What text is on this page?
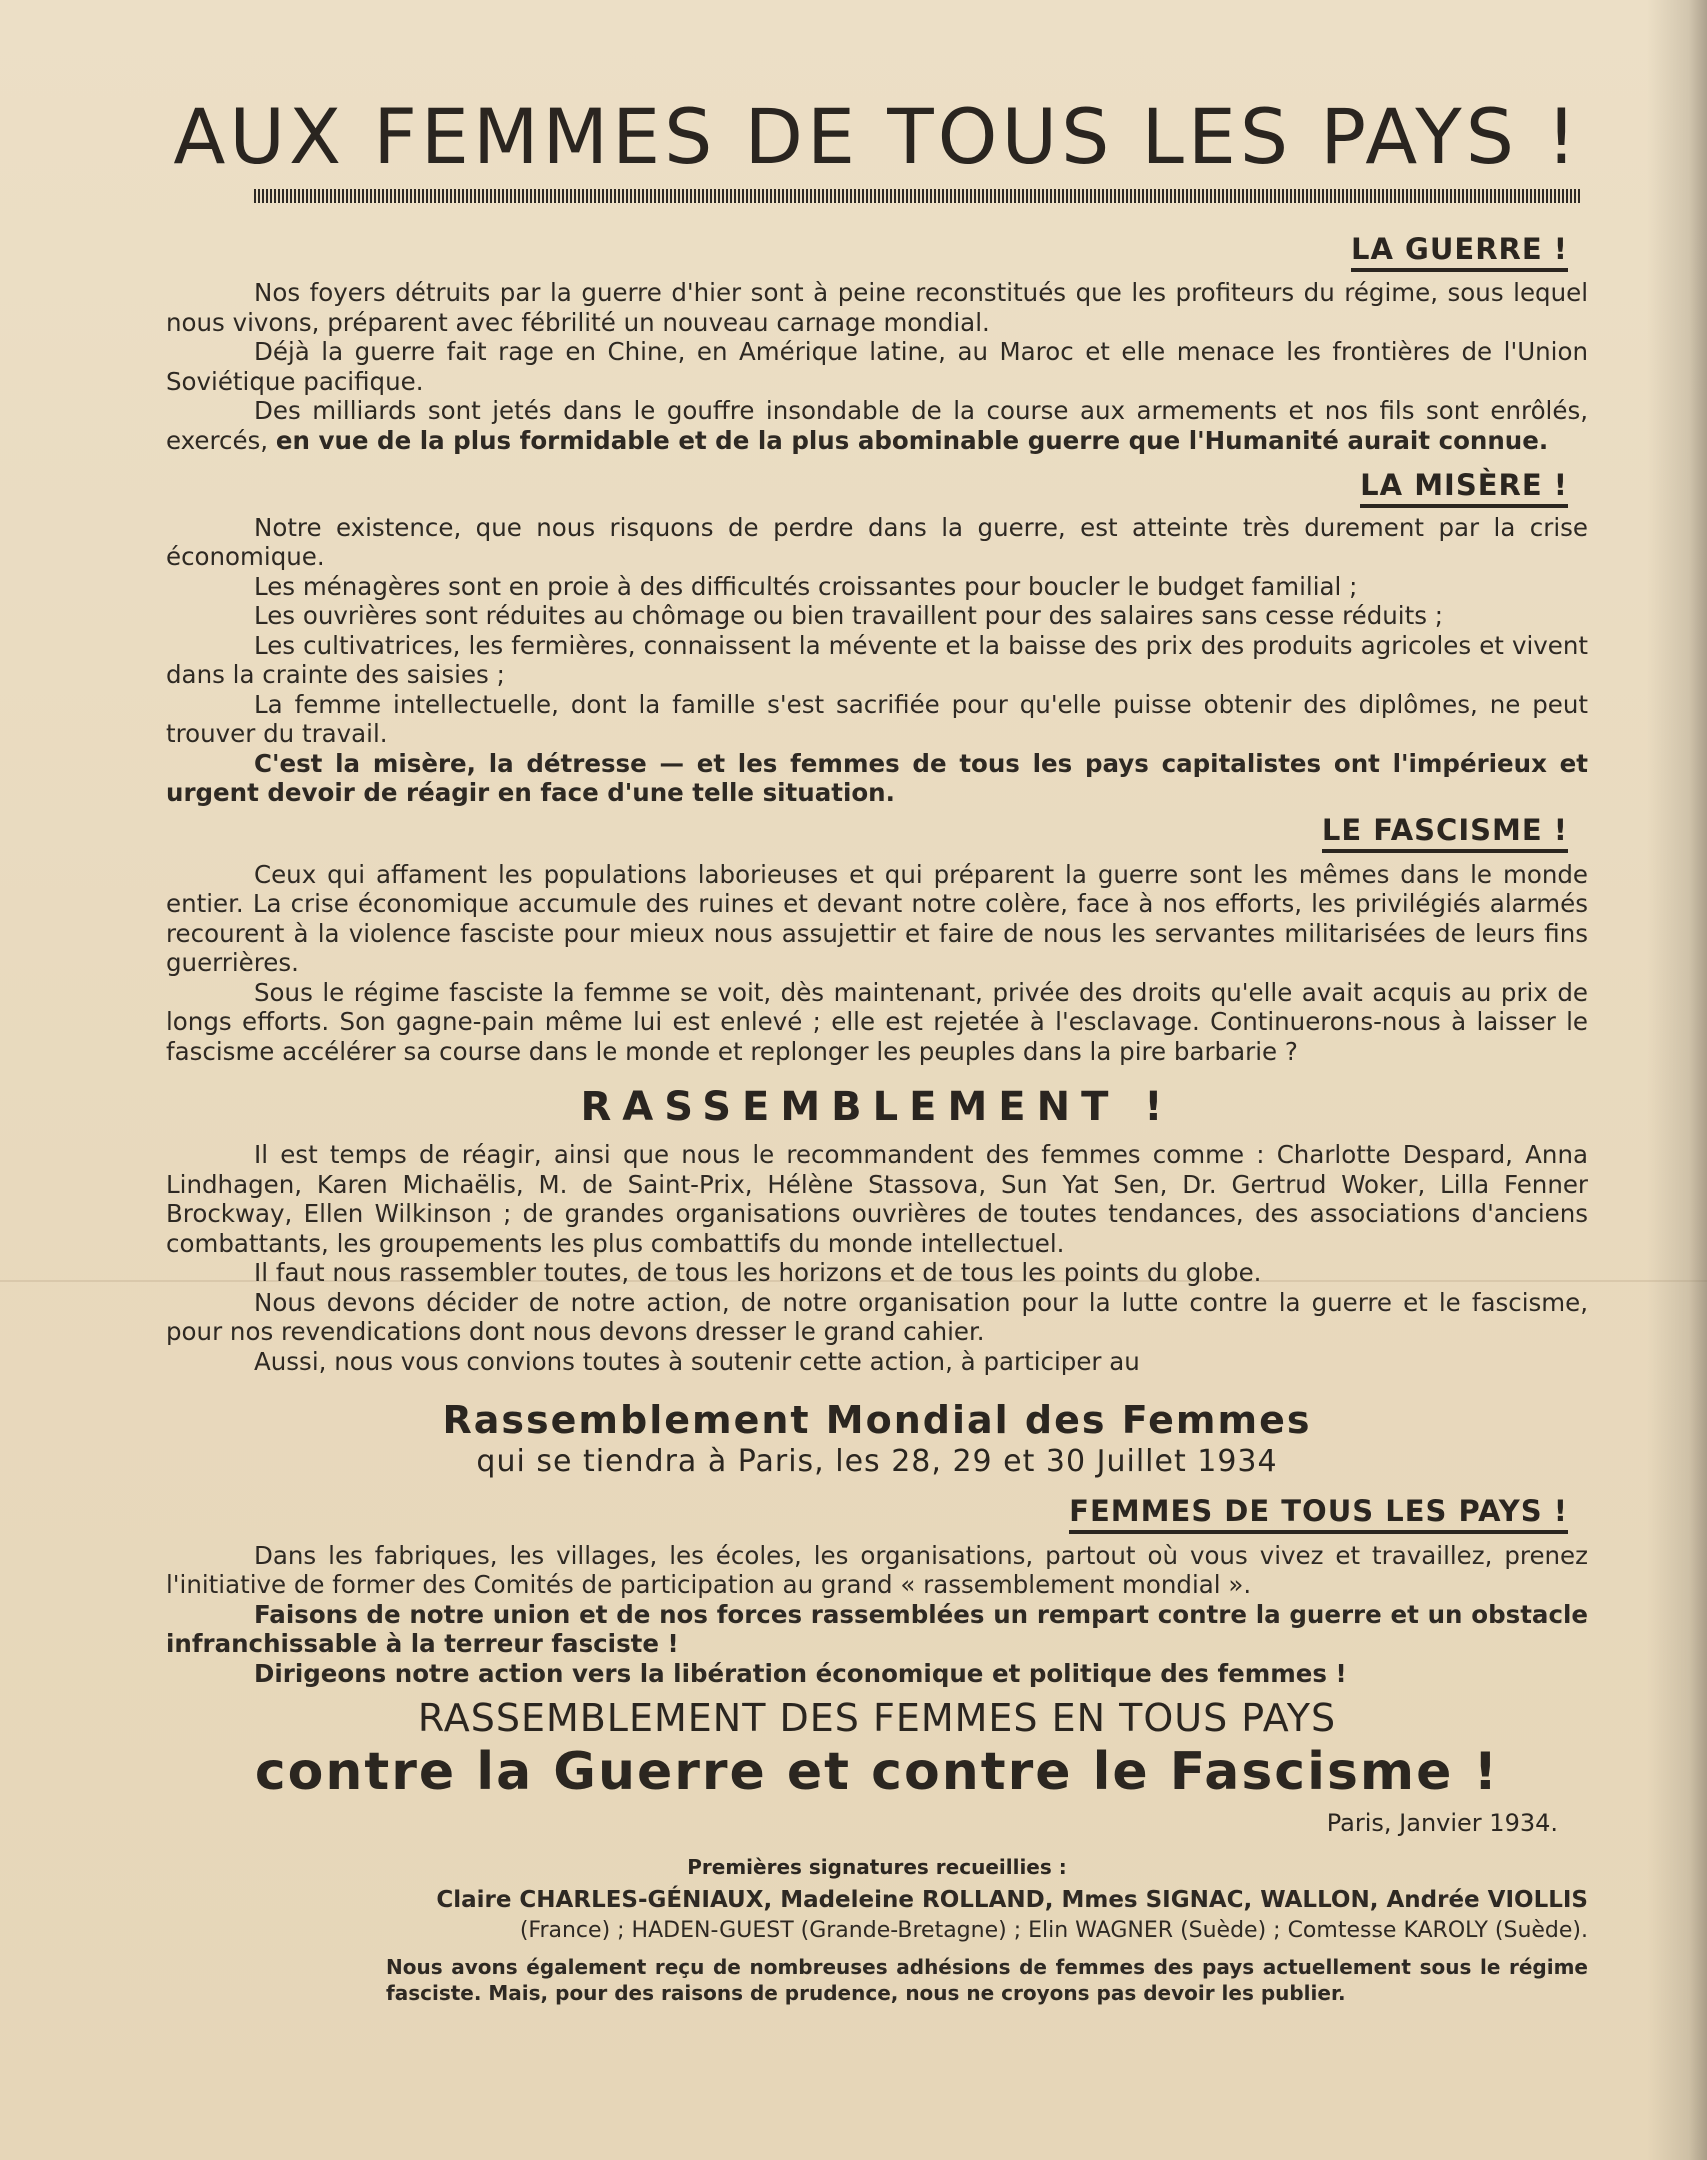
AUX FEMMES DE TOUS LES PAYS !
LA GUERRE !

Nos foyers détruits par la guerre d'hier sont à peine reconstitués que les profiteurs du régime, sous lequel nous vivons, préparent avec fébrilité un nouveau carnage mondial.

Déjà la guerre fait rage en Chine, en Amérique latine, au Maroc et elle menace les frontières de l'Union Soviétique pacifique.

Des milliards sont jetés dans le gouffre insondable de la course aux armements et nos fils sont enrôlés, exercés, en vue de la plus formidable et de la plus abominable guerre que l'Humanité aurait connue.

LA MISÈRE !

Notre existence, que nous risquons de perdre dans la guerre, est atteinte très durement par la crise économique.

Les ménagères sont en proie à des difficultés croissantes pour boucler le budget familial ;

Les ouvrières sont réduites au chômage ou bien travaillent pour des salaires sans cesse réduits ;

Les cultivatrices, les fermières, connaissent la mévente et la baisse des prix des produits agricoles et vivent dans la crainte des saisies ;

La femme intellectuelle, dont la famille s'est sacrifiée pour qu'elle puisse obtenir des diplômes, ne peut trouver du travail.

C'est la misère, la détresse — et les femmes de tous les pays capitalistes ont l'impérieux et urgent devoir de réagir en face d'une telle situation.

LE FASCISME !

Ceux qui affament les populations laborieuses et qui préparent la guerre sont les mêmes dans le monde entier. La crise économique accumule des ruines et devant notre colère, face à nos efforts, les privilégiés alarmés recourent à la violence fasciste pour mieux nous assujettir et faire de nous les servantes militarisées de leurs fins guerrières.

Sous le régime fasciste la femme se voit, dès maintenant, privée des droits qu'elle avait acquis au prix de longs efforts. Son gagne-pain même lui est enlevé ; elle est rejetée à l'esclavage. Continuerons-nous à laisser le fascisme accélérer sa course dans le monde et replonger les peuples dans la pire barbarie ?

RASSEMBLEMENT !

Il est temps de réagir, ainsi que nous le recommandent des femmes comme : Charlotte Despard, Anna Lindhagen, Karen Michaëlis, M. de Saint-Prix, Hélène Stassova, Sun Yat Sen, Dr. Gertrud Woker, Lilla Fenner Brockway, Ellen Wilkinson ; de grandes organisations ouvrières de toutes tendances, des associations d'anciens combattants, les groupements les plus combattifs du monde intellectuel.

Il faut nous rassembler toutes, de tous les horizons et de tous les points du globe.

Nous devons décider de notre action, de notre organisation pour la lutte contre la guerre et le fascisme, pour nos revendications dont nous devons dresser le grand cahier.

Aussi, nous vous convions toutes à soutenir cette action, à participer au

Rassemblement Mondial des Femmes
qui se tiendra à Paris, les 28, 29 et 30 Juillet 1934
FEMMES DE TOUS LES PAYS !

Dans les fabriques, les villages, les écoles, les organisations, partout où vous vivez et travaillez, prenez l'initiative de former des Comités de participation au grand « rassemblement mondial ».

Faisons de notre union et de nos forces rassemblées un rempart contre la guerre et un obstacle infranchissable à la terreur fasciste !

Dirigeons notre action vers la libération économique et politique des femmes !

RASSEMBLEMENT DES FEMMES EN TOUS PAYS
contre la Guerre et contre le Fascisme !
Paris, Janvier 1934.
Premières signatures recueillies :

Claire CHARLES-GÉNIAUX, Madeleine ROLLAND, Mmes SIGNAC, WALLON, Andrée VIOLLIS

(France) ; HADEN-GUEST (Grande-Bretagne) ; Elin WAGNER (Suède) ; Comtesse KAROLY (Suède).

Nous avons également reçu de nombreuses adhésions de femmes des pays actuellement sous le régime fasciste. Mais, pour des raisons de prudence, nous ne croyons pas devoir les publier.
